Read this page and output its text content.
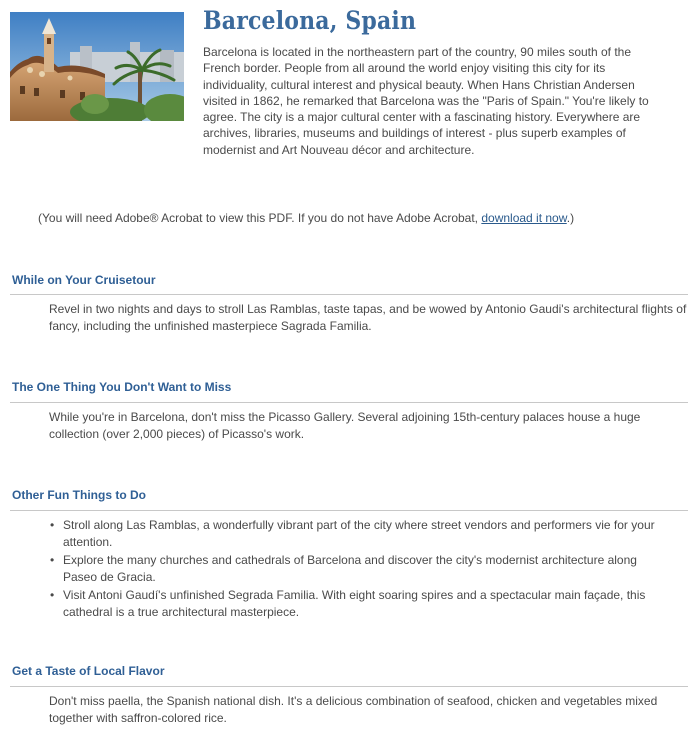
Barcelona, Spain

Barcelona is located in the northeastern part of the country, 90 miles south of the French border. People from all around the world enjoy visiting this city for its individuality, cultural interest and physical beauty. When Hans Christian Andersen visited in 1862, he remarked that Barcelona was the "Paris of Spain." You're likely to agree. The city is a major cultural center with a fascinating history. Everywhere are archives, libraries, museums and buildings of interest - plus superb examples of modernist and Art Nouveau décor and architecture.

(You will need Adobe® Acrobat to view this PDF. If you do not have Adobe Acrobat, download it now.)

While on Your Cruisetour

Revel in two nights and days to stroll Las Ramblas, taste tapas, and be wowed by Antonio Gaudi's architectural flights of fancy, including the unfinished masterpiece Sagrada Familia.

The One Thing You Don't Want to Miss

While you're in Barcelona, don't miss the Picasso Gallery. Several adjoining 15th-century palaces house a huge collection (over 2,000 pieces) of Picasso's work.

Other Fun Things to Do
• Stroll along Las Ramblas, a wonderfully vibrant part of the city where street vendors and performers vie for your attention.
• Explore the many churches and cathedrals of Barcelona and discover the city's modernist architecture along Paseo de Gracia.
• Visit Antoni Gaudí's unfinished Segrada Familia. With eight soaring spires and a spectacular main façade, this cathedral is a true architectural masterpiece.
Get a Taste of Local Flavor

Don't miss paella, the Spanish national dish. It's a delicious combination of seafood, chicken and vegetables mixed together with saffron-colored rice.
